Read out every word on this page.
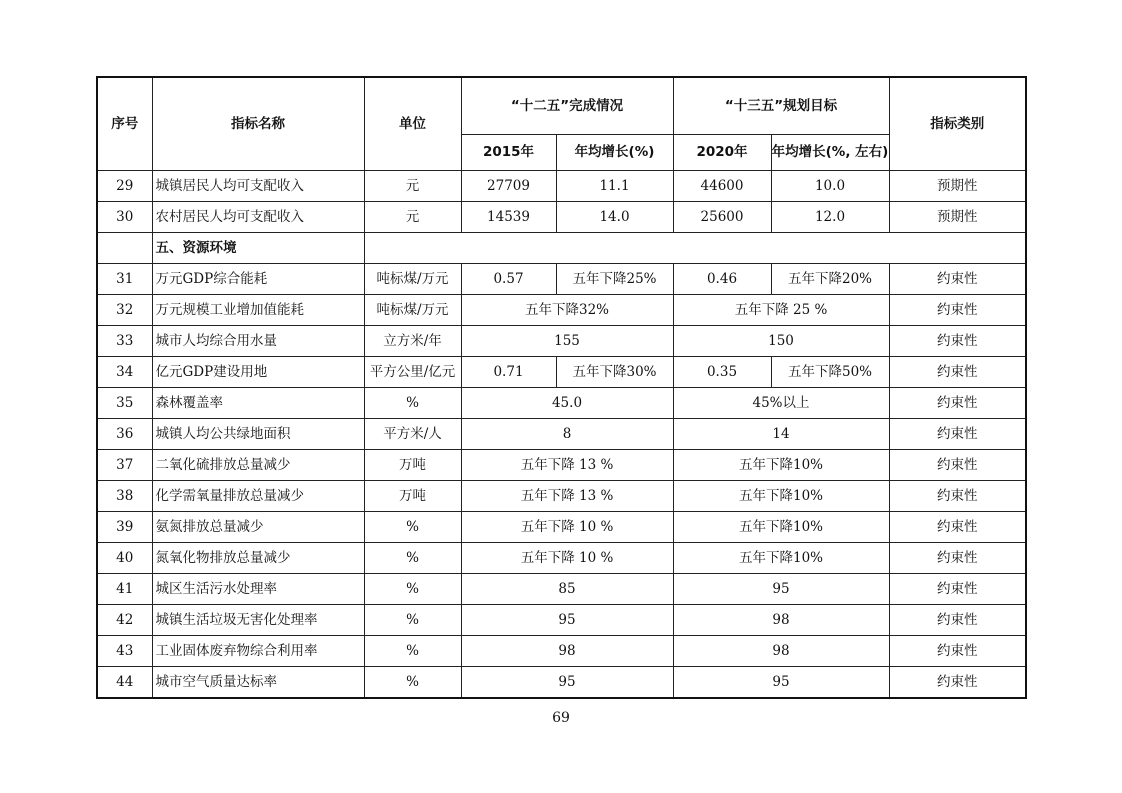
序号	指标名称	单位	“十二五”完成情况		“十三五”规划目标		指标类别
			2015年	年均增长(%)	2020年	年均增长(%, 左右)	
29	城镇居民人均可支配收入	元	27709	11.1	44600	10.0	预期性
30	农村居民人均可支配收入	元	14539	14.0	25600	12.0	预期性
	五、资源环境						
31	万元GDP综合能耗	吨标煤/万元	0.57	五年下降25%	0.46	五年下降20%	约束性
32	万元规模工业增加值能耗	吨标煤/万元	五年下降32%		五年下降 25 %		约束性
33	城市人均综合用水量	立方米/年	155		150		约束性
34	亿元GDP建设用地	平方公里/亿元	0.71	五年下降30%	0.35	五年下降50%	约束性
35	森林覆盖率	%	45.0		45%以上		约束性
36	城镇人均公共绿地面积	平方米/人	8		14		约束性
37	二氧化硫排放总量减少	万吨	五年下降 13 %		五年下降10%		约束性
38	化学需氧量排放总量减少	万吨	五年下降 13 %		五年下降10%		约束性
39	氨氮排放总量减少	%	五年下降 10 %		五年下降10%		约束性
40	氮氧化物排放总量减少	%	五年下降 10 %		五年下降10%		约束性
41	城区生活污水处理率	%	85		95		约束性
42	城镇生活垃圾无害化处理率	%	95		98		约束性
43	工业固体废弃物综合利用率	%	98		98		约束性
44	城市空气质量达标率	%	95		95		约束性
69
